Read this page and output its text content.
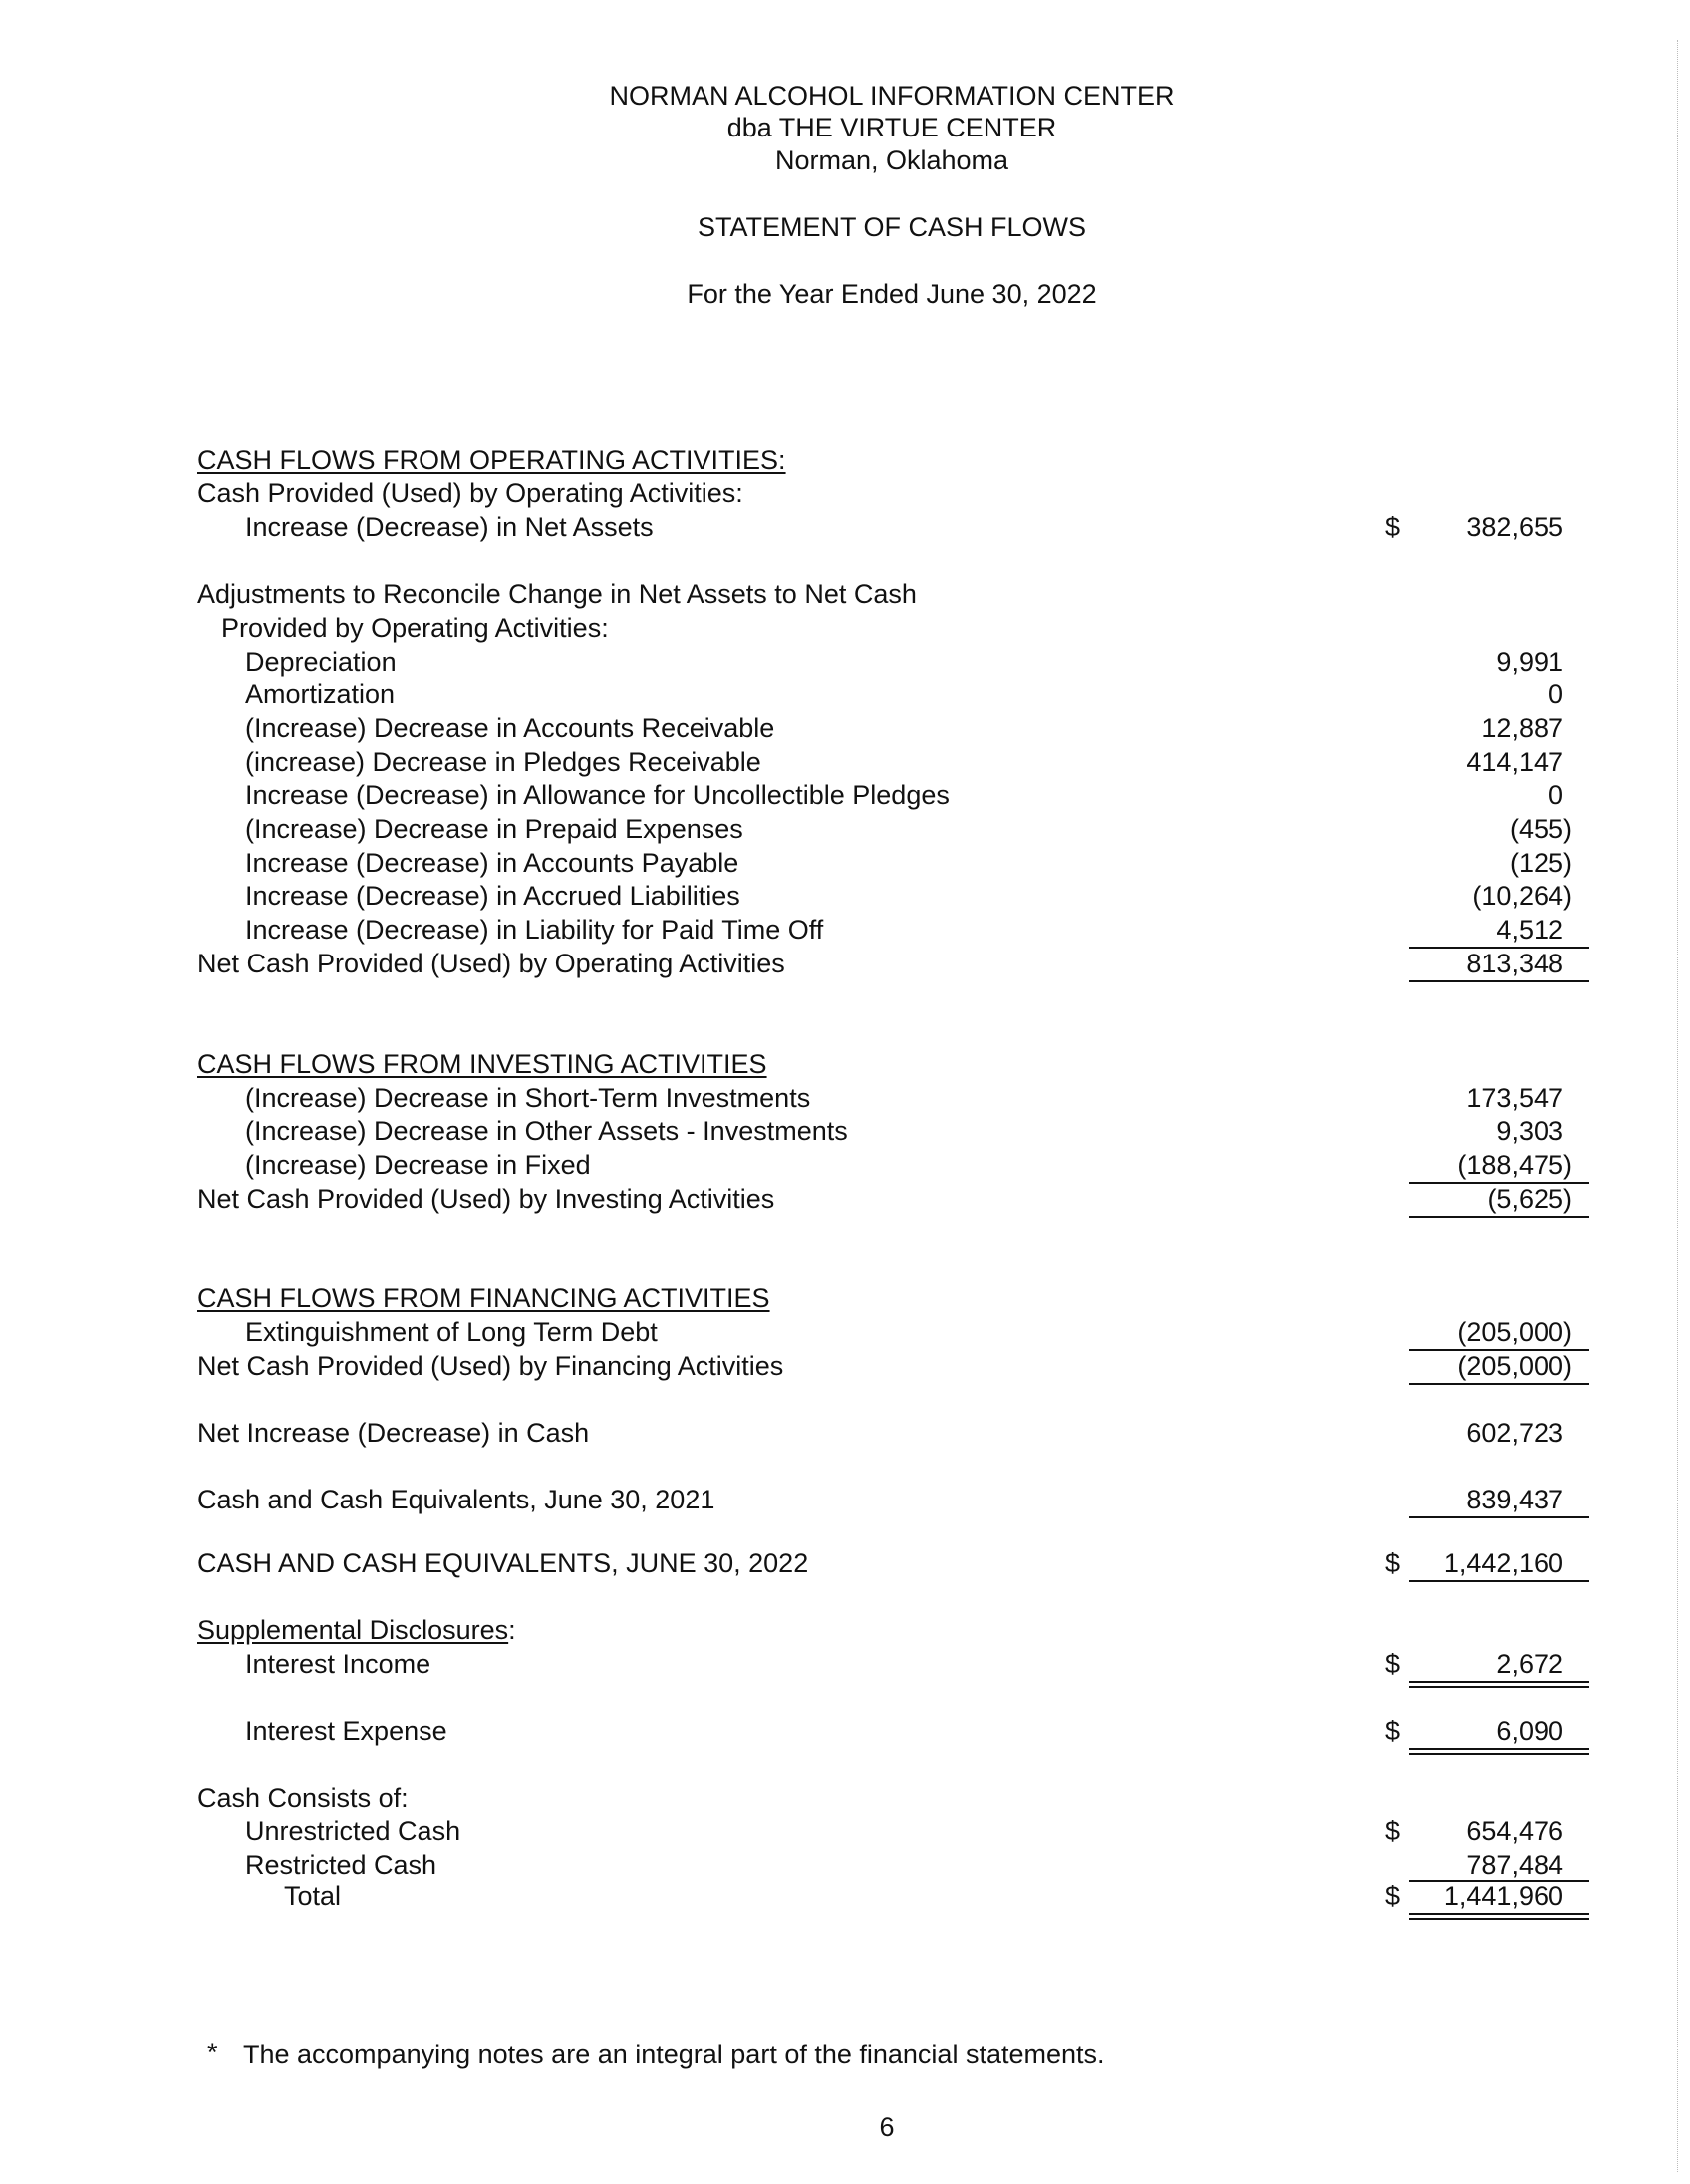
NORMAN ALCOHOL INFORMATION CENTER
dba THE VIRTUE CENTER
Norman, Oklahoma
STATEMENT OF CASH FLOWS
For the Year Ended June 30, 2022
CASH FLOWS FROM OPERATING ACTIVITIES:
Cash Provided (Used) by Operating Activities:
Increase (Decrease) in Net Assets	$ 382,655
Adjustments to Reconcile Change in Net Assets to Net Cash
Provided by Operating Activities:
Depreciation	9,991
Amortization	0
(Increase) Decrease in Accounts Receivable	12,887
(increase) Decrease in Pledges Receivable	414,147
Increase (Decrease) in Allowance for Uncollectible Pledges	0
(Increase) Decrease in Prepaid Expenses	(455)
Increase (Decrease) in Accounts Payable	(125)
Increase (Decrease) in Accrued Liabilities	(10,264)
Increase (Decrease) in Liability for Paid Time Off	4,512
Net Cash Provided (Used) by Operating Activities	813,348
CASH FLOWS FROM INVESTING ACTIVITIES
(Increase) Decrease in Short-Term Investments	173,547
(Increase) Decrease in Other Assets - Investments	9,303
(Increase) Decrease in Fixed	(188,475)
Net Cash Provided (Used) by Investing Activities	(5,625)
CASH FLOWS FROM FINANCING ACTIVITIES
Extinguishment of Long Term Debt	(205,000)
Net Cash Provided (Used) by Financing Activities	(205,000)
Net Increase (Decrease) in Cash	602,723
Cash and Cash Equivalents, June 30, 2021	839,437
CASH AND CASH EQUIVALENTS, JUNE 30, 2022	$ 1,442,160
Supplemental Disclosures:
Interest Income	$	2,672
Interest Expense	$	6,090
Cash Consists of:
Unrestricted Cash	$ 654,476
Restricted Cash	787,484
Total	$ 1,441,960
* The accompanying notes are an integral part of the financial statements.
6
